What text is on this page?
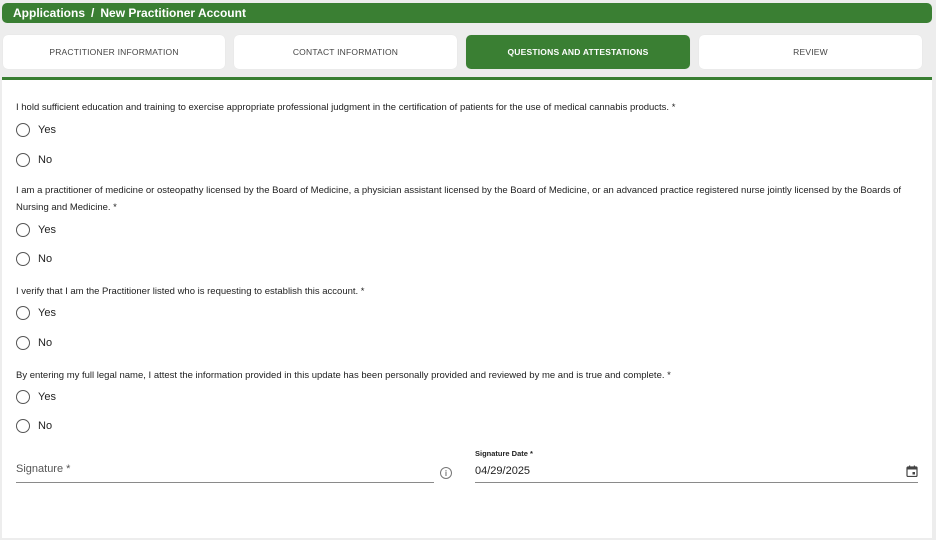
Applications / New Practitioner Account
PRACTITIONER INFORMATION	CONTACT INFORMATION	QUESTIONS AND ATTESTATIONS	REVIEW
I hold sufficient education and training to exercise appropriate professional judgment in the certification of patients for the use of medical cannabis products. *
Yes
No
I am a practitioner of medicine or osteopathy licensed by the Board of Medicine, a physician assistant licensed by the Board of Medicine, or an advanced practice registered nurse jointly licensed by the Boards of Nursing and Medicine. *
Yes
No
I verify that I am the Practitioner listed who is requesting to establish this account. *
Yes
No
By entering my full legal name, I attest the information provided in this update has been personally provided and reviewed by me and is true and complete. *
Yes
No
Signature *	i
Signature Date *
04/29/2025
